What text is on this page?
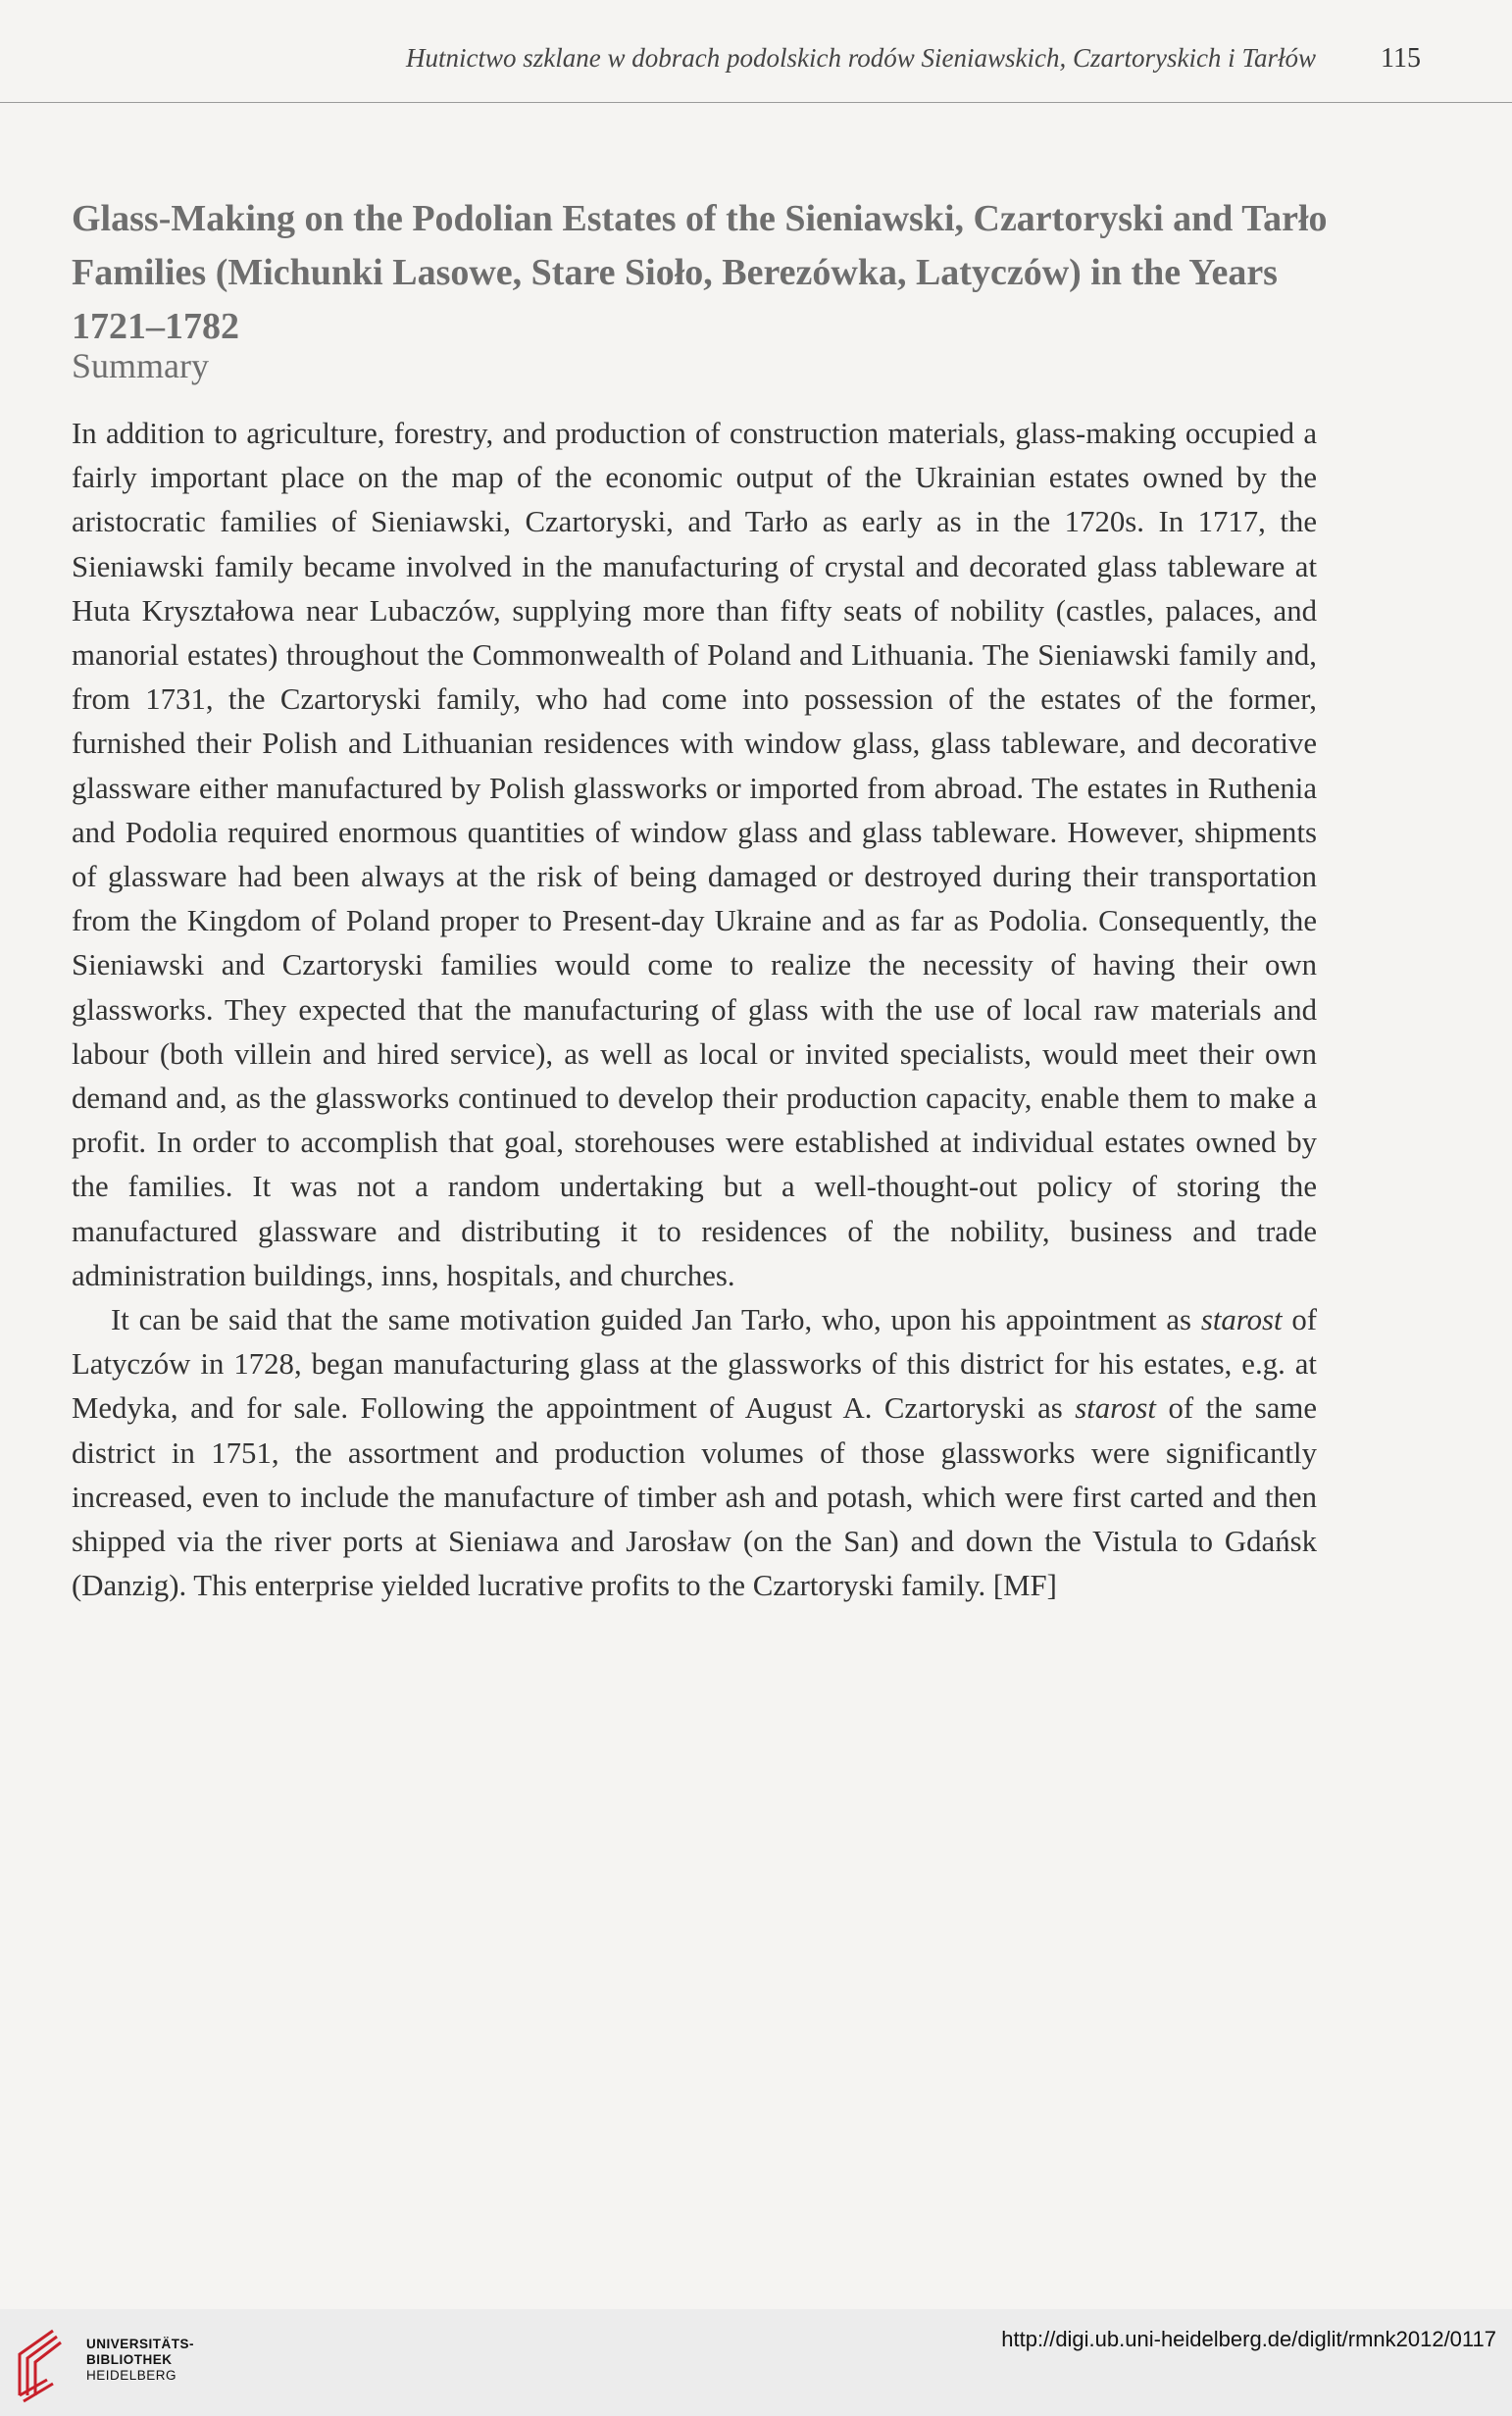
Hutnictwo szklane w dobrach podolskich rodów Sieniawskich, Czartoryskich i Tarłów 115
Glass-Making on the Podolian Estates of the Sieniawski, Czartoryski and Tarło Families (Michunki Lasowe, Stare Sioło, Berezówka, Latyczów) in the Years 1721–1782
Summary

In addition to agriculture, forestry, and production of construction materials, glass-making occupied a fairly important place on the map of the economic output of the Ukrainian estates owned by the aristocratic families of Sieniawski, Czartoryski, and Tarło as early as in the 1720s. In 1717, the Sieniawski family became involved in the manufacturing of crystal and decorated glass tableware at Huta Kryształowa near Lubaczów, supplying more than fifty seats of nobility (castles, palaces, and manorial estates) throughout the Commonwealth of Poland and Lithuania. The Sieniawski family and, from 1731, the Czartoryski family, who had come into possession of the estates of the former, furnished their Polish and Lithuanian residences with window glass, glass tableware, and decorative glassware either manufactured by Polish glassworks or imported from abroad. The estates in Ruthenia and Podolia required enormous quantities of window glass and glass tableware. However, shipments of glassware had been always at the risk of being damaged or destroyed during their transportation from the Kingdom of Poland proper to Present-day Ukraine and as far as Podolia. Consequently, the Sieniawski and Czartoryski families would come to realize the necessity of having their own glassworks. They expected that the manufacturing of glass with the use of local raw materials and labour (both villein and hired service), as well as local or invited specialists, would meet their own demand and, as the glassworks continued to develop their production capacity, enable them to make a profit. In order to accomplish that goal, storehouses were established at individual estates owned by the families. It was not a random undertaking but a well-thought-out policy of storing the manufactured glassware and distributing it to residences of the nobility, business and trade administration buildings, inns, hospitals, and churches.

It can be said that the same motivation guided Jan Tarło, who, upon his appointment as starost of Latyczów in 1728, began manufacturing glass at the glassworks of this district for his estates, e.g. at Medyka, and for sale. Following the appointment of August A. Czartoryski as starost of the same district in 1751, the assortment and production volumes of those glassworks were significantly increased, even to include the manufacture of timber ash and potash, which were first carted and then shipped via the river ports at Sieniawa and Jarosław (on the San) and down the Vistula to Gdańsk (Danzig). This enterprise yielded lucrative profits to the Czartoryski family. [MF]

UNIVERSITÄTS-
BIBLIOTHEK
HEIDELBERG
http://digi.ub.uni-heidelberg.de/diglit/rmnk2012/0117
